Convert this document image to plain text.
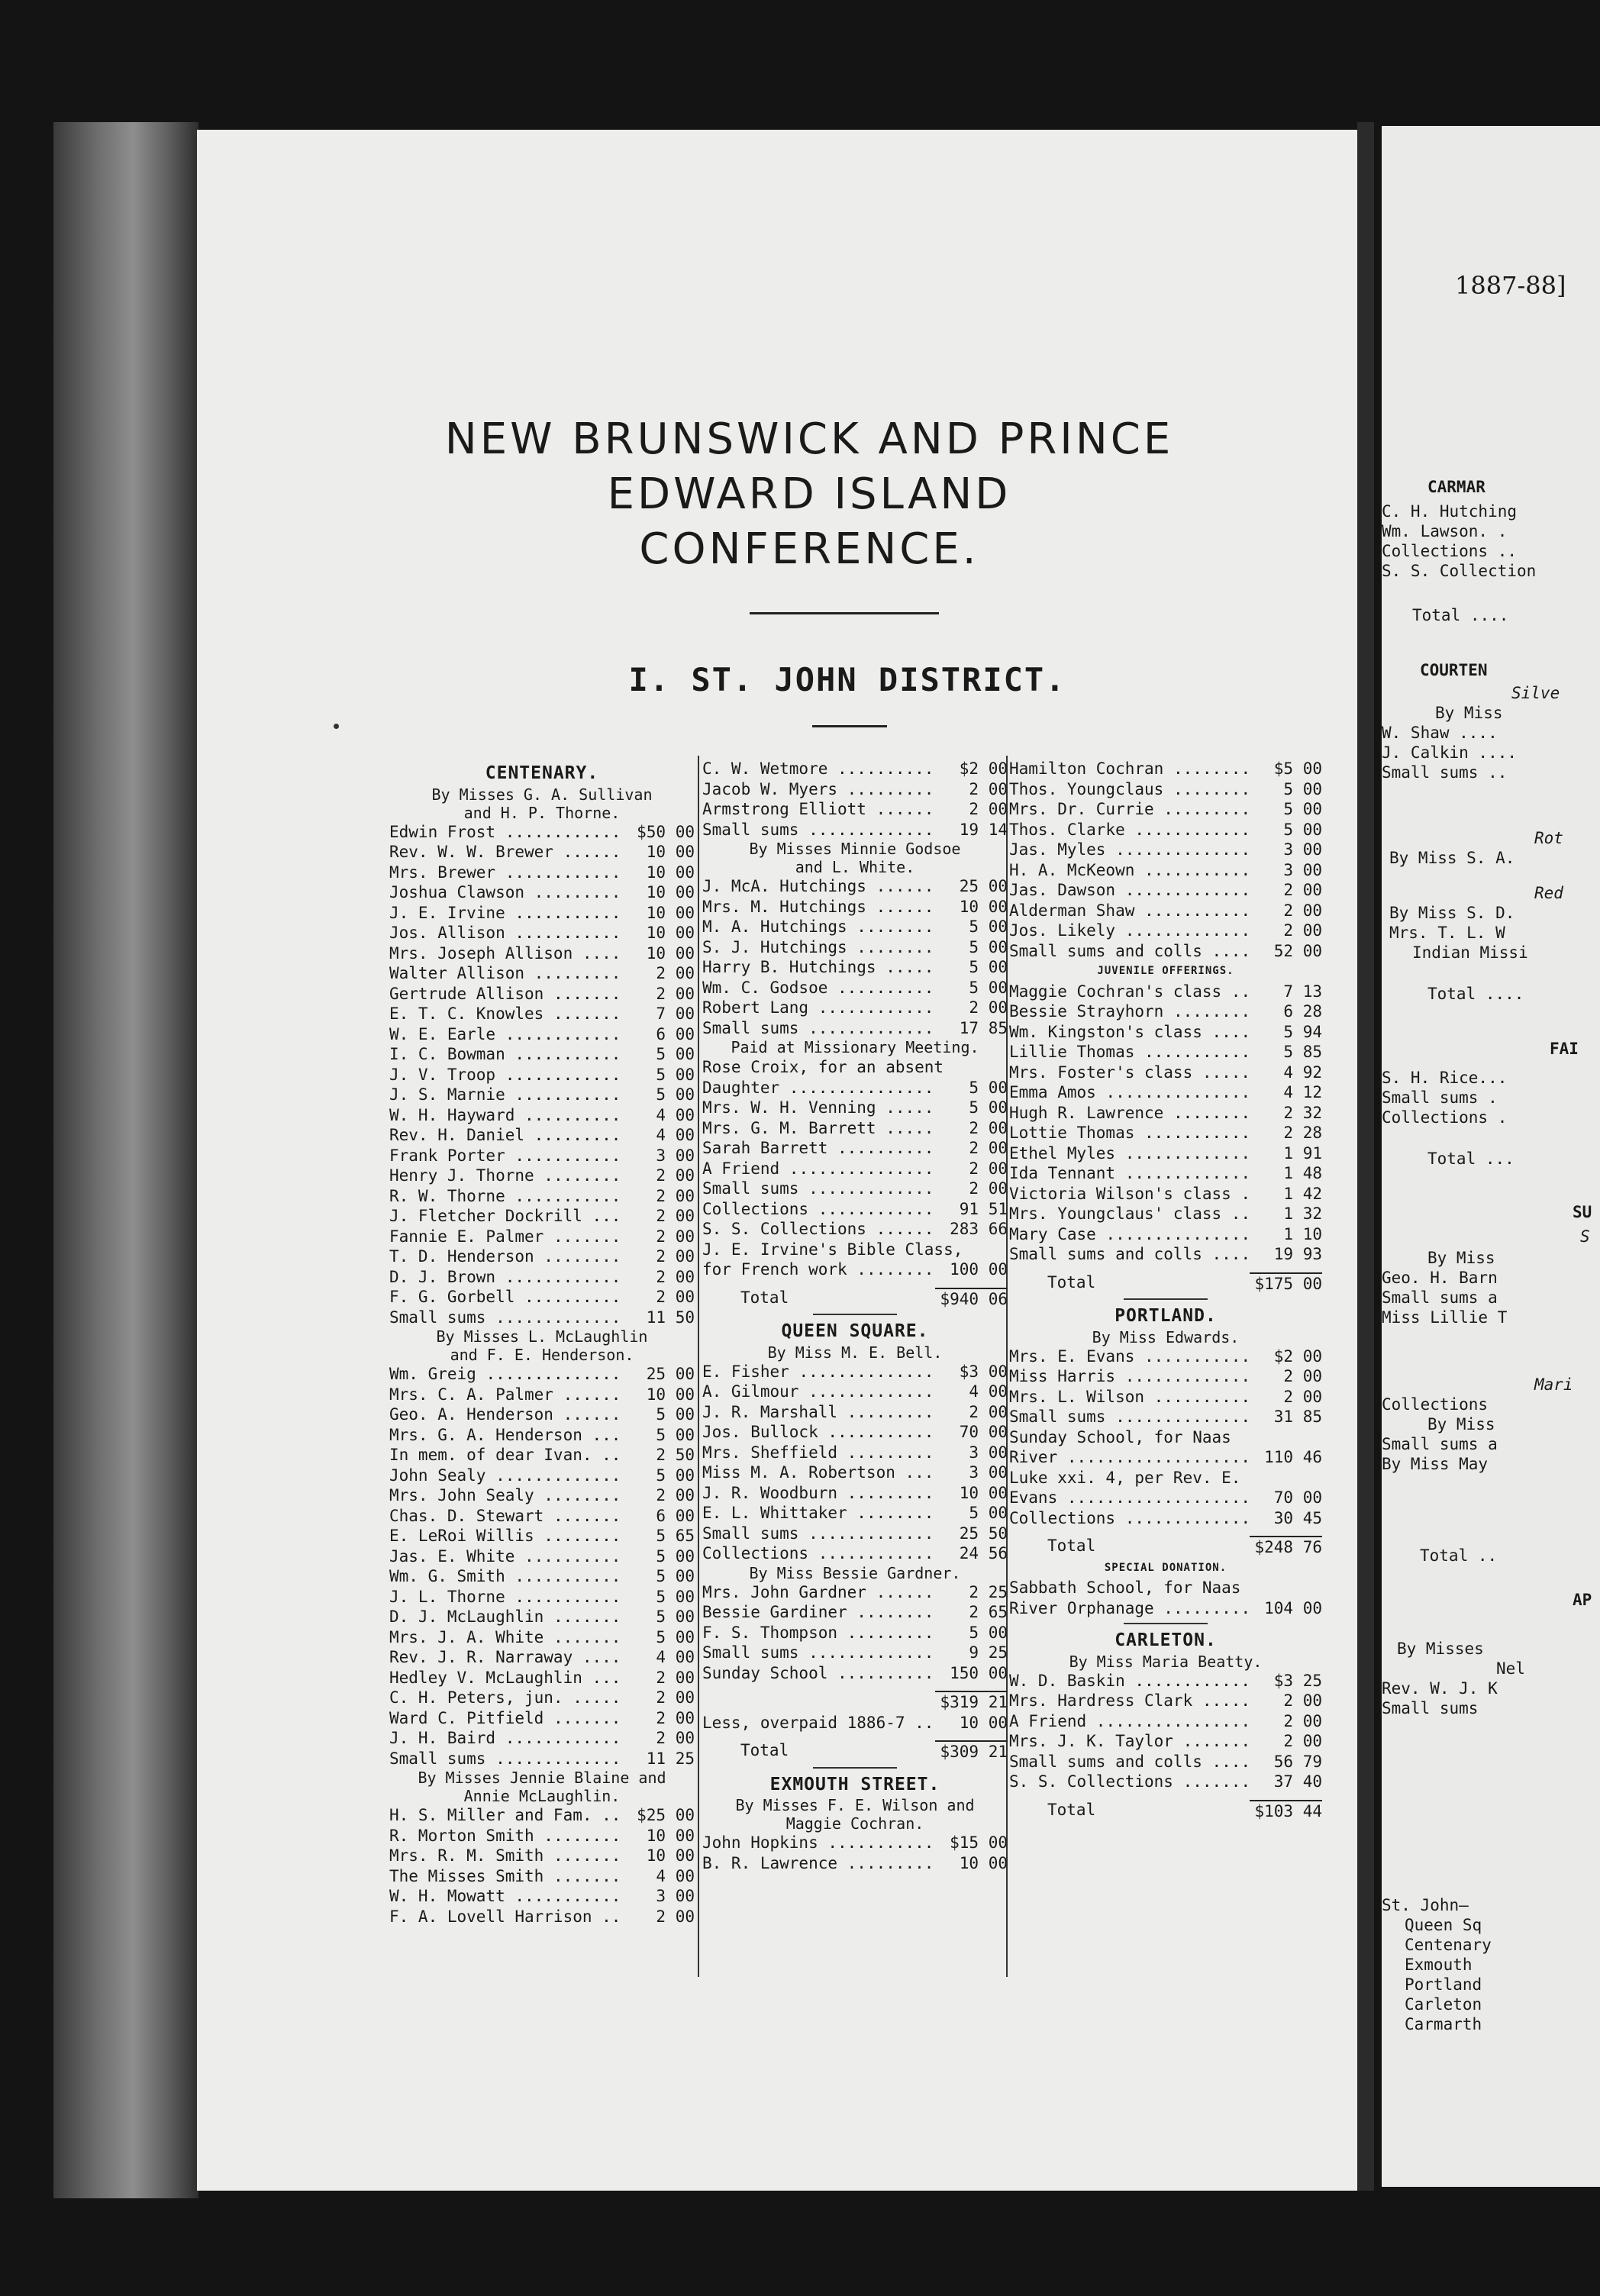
1887-88]
CARMAR
C. H. Hutching
Wm. Lawson. .
Collections ..
S. S. Collection
Total ....
COURTEN
Silve
By Miss
W. Shaw ....
J. Calkin ....
Small sums ..
Rot
By Miss S. A.
Red
By Miss S. D.
Mrs. T. L. W
Indian Missi
Total ....
FAI
S. H. Rice...
Small sums .
Collections .
Total ...
SU
S
By Miss
Geo. H. Barn
Small sums a
Miss Lillie T
Mari
Collections
By Miss
Small sums a
By Miss May
Total ..
AP
By Misses
Nel
Rev. W. J. K
Small sums
St. John—
Queen Sq
Centenary
Exmouth
Portland
Carleton
Carmarth
NEW BRUNSWICK AND PRINCE
EDWARD ISLAND
CONFERENCE.
I. ST. JOHN DISTRICT.
CENTENARY.
By Misses G. A. Sullivan
and H. P. Thorne.
Edwin Frost .....	$50 00
Rev. W. W. Brewer .....	10 00
Mrs. Brewer .....	10 00
Joshua Clawson .....	10 00
J. E. Irvine .....	10 00
Jos. Allison .....	10 00
Mrs. Joseph Allison .....	10 00
Walter Allison .....	2 00
Gertrude Allison .....	2 00
E. T. C. Knowles .....	7 00
W. E. Earle .....	6 00
I. C. Bowman .....	5 00
J. V. Troop .....	5 00
J. S. Marnie .....	5 00
W. H. Hayward .....	4 00
Rev. H. Daniel .....	4 00
Frank Porter .....	3 00
Henry J. Thorne .....	2 00
R. W. Thorne .....	2 00
J. Fletcher Dockrill .....	2 00
Fannie E. Palmer .....	2 00
T. D. Henderson .....	2 00
D. J. Brown .....	2 00
F. G. Gorbell .....	2 00
Small sums .....	11 50
By Misses L. McLaughlin
and F. E. Henderson.
Wm. Greig .....	25 00
Mrs. C. A. Palmer .....	10 00
Geo. A. Henderson .....	5 00
Mrs. G. A. Henderson .....	5 00
In mem. of dear Ivan. .....	2 50
John Sealy .....	5 00
Mrs. John Sealy .....	2 00
Chas. D. Stewart .....	6 00
E. LeRoi Willis .....	5 65
Jas. E. White .....	5 00
Wm. G. Smith .....	5 00
J. L. Thorne .....	5 00
D. J. McLaughlin .....	5 00
Mrs. J. A. White .....	5 00
Rev. J. R. Narraway .....	4 00
Hedley V. McLaughlin .....	2 00
C. H. Peters, jun. .....	2 00
Ward C. Pitfield .....	2 00
J. H. Baird .....	2 00
Small sums .....	11 25
By Misses Jennie Blaine and
Annie McLaughlin.
H. S. Miller and Fam. .....	$25 00
R. Morton Smith .....	10 00
Mrs. R. M. Smith .....	10 00
The Misses Smith .....	4 00
W. H. Mowatt .....	3 00
F. A. Lovell Harrison .....	2 00
C. W. Wetmore .....	$2 00
Jacob W. Myers .....	2 00
Armstrong Elliott .....	2 00
Small sums .....	19 14
By Misses Minnie Godsoe
and L. White.
J. McA. Hutchings .....	25 00
Mrs. M. Hutchings .....	10 00
M. A. Hutchings .....	5 00
S. J. Hutchings .....	5 00
Harry B. Hutchings .....	5 00
Wm. C. Godsoe .....	5 00
Robert Lang .....	2 00
Small sums .....	17 85
Paid at Missionary Meeting.
Rose Croix, for an absent
Daughter .....	5 00
Mrs. W. H. Venning .....	5 00
Mrs. G. M. Barrett .....	2 00
Sarah Barrett .....	2 00
A Friend .....	2 00
Small sums .....	2 00
Collections .....	91 51
S. S. Collections .....	283 66
J. E. Irvine's Bible Class,
for French work .....	100 00
Total	$940 06
QUEEN SQUARE.
By Miss M. E. Bell.
E. Fisher .....	$3 00
A. Gilmour .....	4 00
J. R. Marshall .....	2 00
Jos. Bullock .....	70 00
Mrs. Sheffield .....	3 00
Miss M. A. Robertson .....	3 00
J. R. Woodburn .....	10 00
E. L. Whittaker .....	5 00
Small sums .....	25 50
Collections .....	24 56
By Miss Bessie Gardner.
Mrs. John Gardner .....	2 25
Bessie Gardiner .....	2 65
F. S. Thompson .....	5 00
Small sums .....	9 25
Sunday School .....	150 00
$319 21
Less, overpaid 1886-7 .....	10 00
Total	$309 21
EXMOUTH STREET.
By Misses F. E. Wilson and
Maggie Cochran.
John Hopkins .....	$15 00
B. R. Lawrence .....	10 00
Hamilton Cochran .....	$5 00
Thos. Youngclaus .....	5 00
Mrs. Dr. Currie .....	5 00
Thos. Clarke .....	5 00
Jas. Myles .....	3 00
H. A. McKeown .....	3 00
Jas. Dawson .....	2 00
Alderman Shaw .....	2 00
Jos. Likely .....	2 00
Small sums and colls .....	52 00
JUVENILE OFFERINGS.
Maggie Cochran's class .....	7 13
Bessie Strayhorn .....	6 28
Wm. Kingston's class .....	5 94
Lillie Thomas .....	5 85
Mrs. Foster's class .....	4 92
Emma Amos .....	4 12
Hugh R. Lawrence .....	2 32
Lottie Thomas .....	2 28
Ethel Myles .....	1 91
Ida Tennant .....	1 48
Victoria Wilson's class .....	1 42
Mrs. Youngclaus' class .....	1 32
Mary Case .....	1 10
Small sums and colls .....	19 93
Total	$175 00
PORTLAND.
By Miss Edwards.
Mrs. E. Evans .....	$2 00
Miss Harris .....	2 00
Mrs. L. Wilson .....	2 00
Small sums .....	31 85
Sunday School, for Naas
River .....	110 46
Luke xxi. 4, per Rev. E.
Evans .....	70 00
Collections .....	30 45
Total	$248 76
SPECIAL DONATION.
Sabbath School, for Naas
River Orphanage .....	104 00
CARLETON.
By Miss Maria Beatty.
W. D. Baskin .....	$3 25
Mrs. Hardress Clark .....	2 00
A Friend .....	2 00
Mrs. J. K. Taylor .....	2 00
Small sums and colls .....	56 79
S. S. Collections .....	37 40
Total	$103 44
